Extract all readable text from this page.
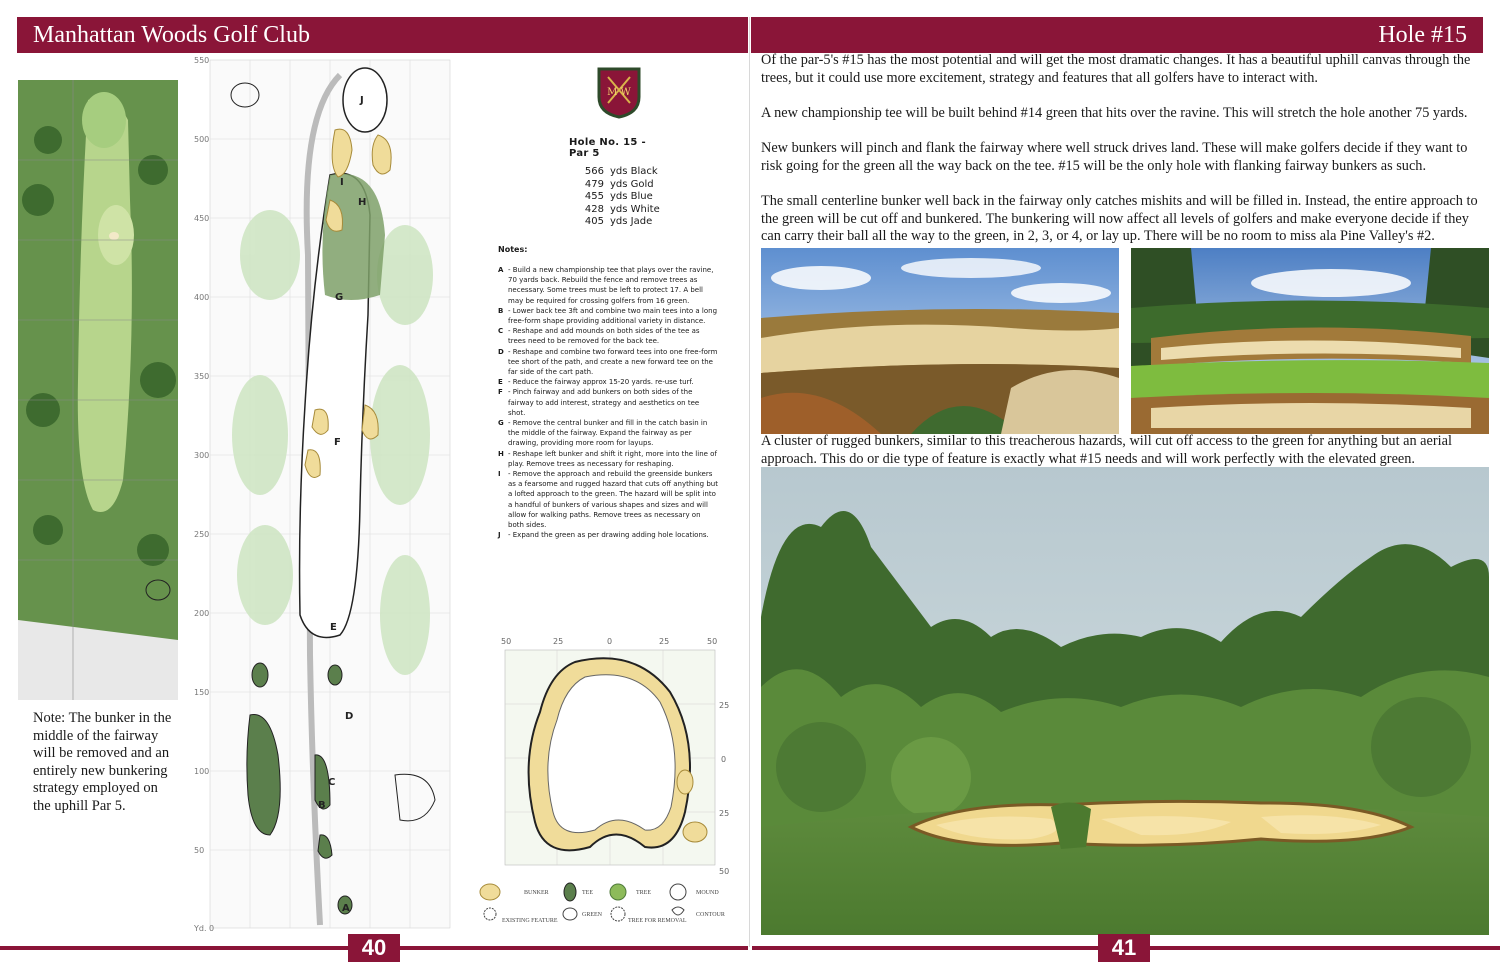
Manhattan Woods Golf Club	Hole #15

Note: The bunker in the middle of the fairway will be removed and an entirely new bunkering strategy employed on the uphill Par 5.

550
500
450
400
350
300
250
200
150
100
50
Yd. 0
J
I
H
G
F
E
D
C
B
A
M W
Hole No. 15 - Par 5
566 yds Black
479 yds Gold
455 yds Blue
428 yds White
405 yds Jade
Notes:
A - Build a new championship tee that plays over the ravine, 70 yards back. Rebuild the fence and remove trees as necessary. Some trees must be left to protect 17. A bell may be required for crossing golfers from 16 green.
B - Lower back tee 3ft and combine two main tees into a long free-form shape providing additional variety in distance.
C - Reshape and add mounds on both sides of the tee as trees need to be removed for the back tee.
D - Reshape and combine two forward tees into one free-form tee short of the path, and create a new forward tee on the far side of the cart path.
E - Reduce the fairway approx 15-20 yards. re-use turf.
F - Pinch fairway and add bunkers on both sides of the fairway to add interest, strategy and aesthetics on tee shot.
G - Remove the central bunker and fill in the catch basin in the middle of the fairway. Expand the fairway as per drawing, providing more room for layups.
H - Reshape left bunker and shift it right, more into the line of play. Remove trees as necessary for reshaping.
I	- Remove the approach and rebuild the greenside bunkers as a fearsome and rugged hazard that cuts off anything but a lofted approach to the green. The hazard will be split into a handful of bunkers of various shapes and sizes and will allow for walking paths. Remove trees as necessary on both sides.
J	- Expand the green as per drawing adding hole locations.
50	25	0	25	50
25
0
25
50
BUNKER	TEE	TREE	MOUND
EXISTING FEATURE
GREEN
TREE FOR REMOVAL
CONTOUR

Of the par-5's #15 has the most potential and will get the most dramatic changes. It has a beautiful uphill canvas through the trees, but it could use more excitement, strategy and features that all golfers have to interact with.

A new championship tee will be built behind #14 green that hits over the ravine. This will stretch the hole another 75 yards.

New bunkers will pinch and flank the fairway where well struck drives land. These will make golfers decide if they want to risk going for the green all the way back on the tee. #15 will be the only hole with flanking fairway bunkers as such.

The small centerline bunker well back in the fairway only catches mishits and will be filled in. Instead, the entire approach to the green will be cut off and bunkered. The bunkering will now affect all levels of golfers and make everyone decide if they can carry their ball all the way to the green, in 2, 3, or 4, or lay up. There will be no room to miss ala Pine Valley's #2.

A cluster of rugged bunkers, similar to this treacherous hazards, will cut off access to the green for anything but an aerial approach. This do or die type of feature is exactly what #15 needs and will work perfectly with the elevated green.

40	41
